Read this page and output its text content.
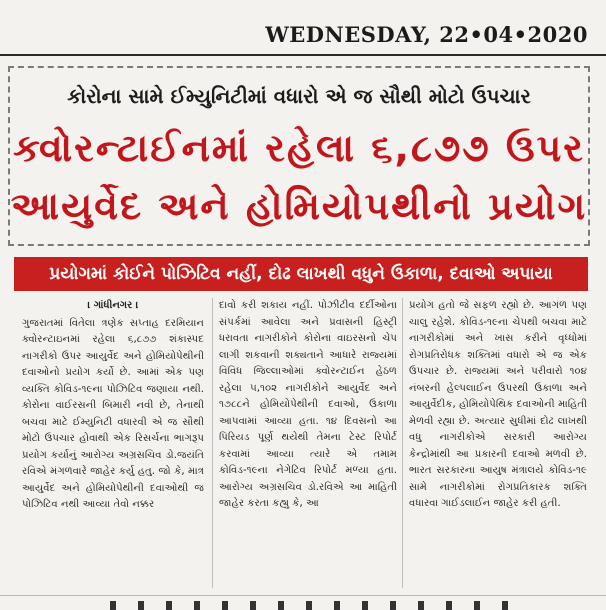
WEDNESDAY, 22•04•2020
કોરોના સામે ઈમ્યુનિટીમાં વધારો એ જ સૌથી મોટો ઉપચાર
ક્વોરન્ટાઈનમાં રહેલા ૬,૮૭૭ ઉપર
આયુર્વેદ અને હોમિયોપથીનો પ્રયોગ
પ્રયોગમાં કોઈને પોઝિટિવ નહીં, દોઢ લાખથી વધુને ઉકાળા, દવાઓ અપાયા
। ગાંધીનગર ।

ગુજરાતમાં વિતેલા ત્રણેક સપ્તાહ દરમિયાન ક્વોરન્ટાઇનમાં રહેલા ૬,૮૭૭ શંકાસ્પદ નાગરીકો ઉપર આયુર્વેદ અને હોમિયોપેથીની દવાઓનો પ્રયોગ કર્યો છે. આમાં એક પણ વ્યક્તિ કોવિડ-૧૯ના પોઝિટિવ જણાયા નથી. કોરોના વાઈરસની બિમારી નવી છે, તેનાથી બચવા માટે ઈમ્યુનિટી વધારવી એ જ સૌથી મોટો ઉપચાર હોવાથી એક રિસર્ચના ભાગરૂપ પ્રયોગ કર્યાનું આરોગ્ય અગ્રસચિવ ડો.જયંતિ રવિએ મંગળવારે જાહેર કર્યુ હતુ. જો કે, માત્ર આયુર્વેદ અને હોમિયોપેથીની દવાઓથી જ પોઝિટિવ નથી આવ્યા તેવો નક્કર

દાવો કરી શકાય નહીં. પોઝીટીવ દર્દીઓના સંપર્કમાં આવેલા અને પ્રવાસની હિસ્ટ્રી ધરાવતા નાગરીકોને કોરોના વાઇરસનો ચેપ લાગી શકવાની શક્યતાને આધારે રાજ્યમાં વિવિધ જિલ્લાઓમાં ક્વોરન્ટાઈન હેઠળ રહેલા ૫,૧૦૨ નાગરીકોને આયુર્વેદ અને ૧૭૮૮ને હોમિયોપેથીની દવાઓ, ઉકાળા આપવામાં આવ્યા હતા. ૧૪ દિવસનો આ પિરિયડ પૂર્ણ થયેથી તેમના ટેસ્ટ રિપોર્ટ કરવામાં આવ્યા ત્યારે એ તમામ કોવિડ-૧૯ના નેગેટિવ રિપોર્ટ મળ્યા હતા. આરોગ્ય અગ્રસચિવ ડો.રવિએ આ માહિતી જાહેર કરતા કહ્યુ કે, આ

પ્રયોગ હતો જે સફળ રહ્યો છે. આગળ પણ ચાલુ રહેશે. કોવિડ-૧૯ના ચેપથી બચવા માટે નાગરીકોમાં અને ખાસ કરીને વૃધ્ધોમાં રોગપ્રતિરોધક શક્તિમાં વધારો એ જ એક ઉપચાર છે. રાજ્યમાં અને પરીવારો ૧૦૪ નંબરની હેલ્પલાઈન ઉપરથી ઉકાળા અને આયુર્વેદીક, હોમિયોપેથિક દવાઓની માહિતી મેળવી રહ્યા છે. અત્યાર સુધીમાં દોઢ લાખથી વધુ નાગરીકોએ સરકારી આરોગ્ય કેન્દ્રોમાંથી આ પ્રકારની દવાઓ મળવી છે. ભારત સરકારના આયુષ મંત્રાલયે કોવિડ-૧૯ સામે નાગરીકોમાં રોગપ્રતિકારક શક્તિ વધારવા ગાઈડલાઈન જાહેર કરી હતી.
